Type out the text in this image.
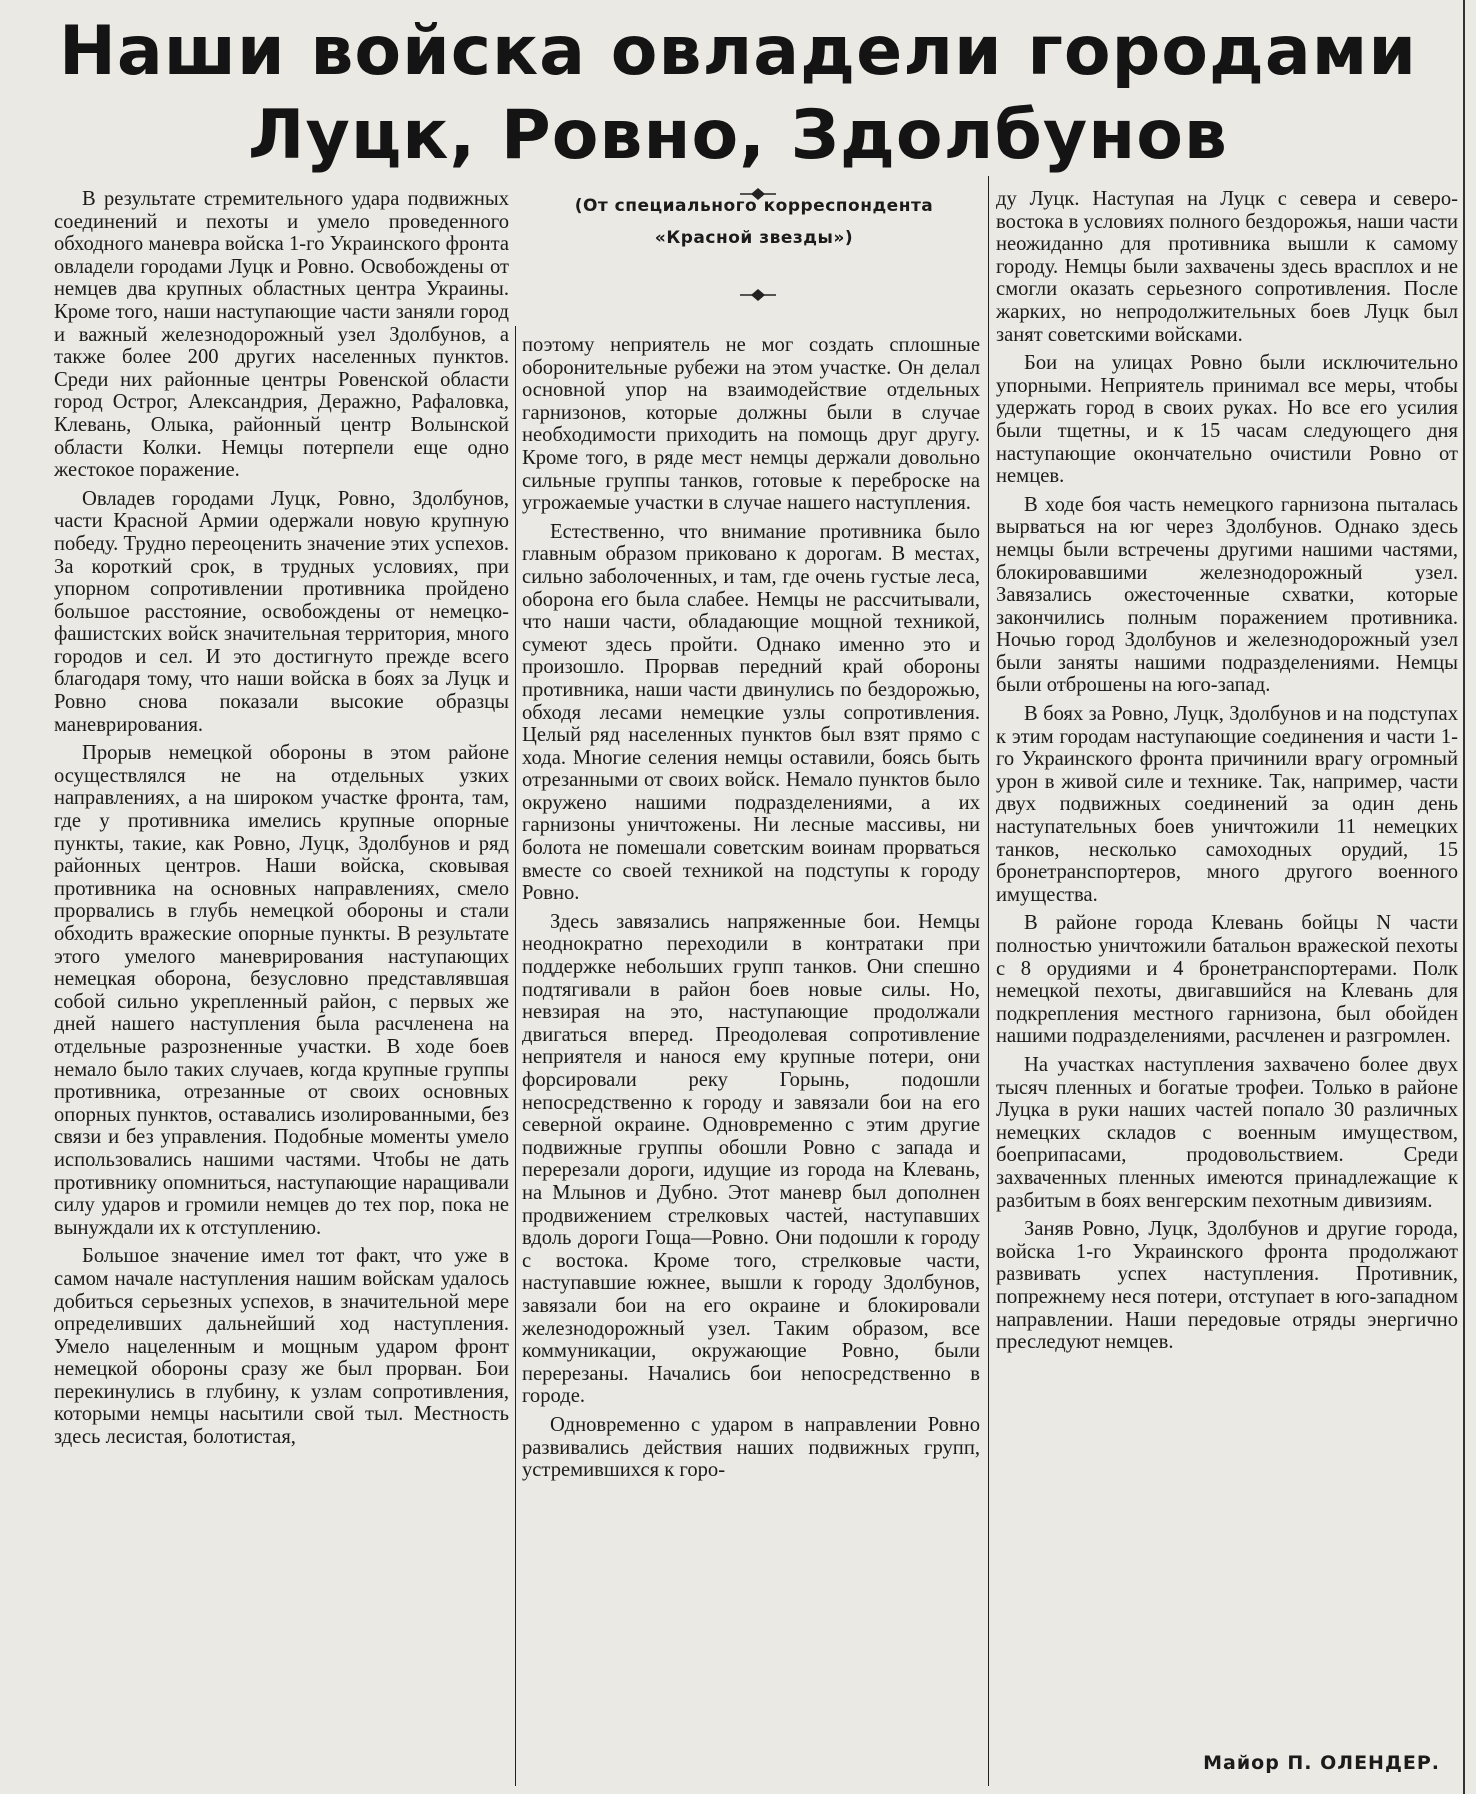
Наши войска овладели городами
Луцк, Ровно, Здолбунов
(От специального корреспондента
«Красной звезды»)

В результате стремительного удара подвижных соединений и пехоты и умело проведенного обходного маневра войска 1-го Украинского фронта овладели городами Луцк и Ровно. Освобождены от немцев два крупных областных центра Украины. Кроме того, наши наступающие части заняли город и важный железнодорожный узел Здолбунов, а также более 200 других населенных пунктов. Среди них районные центры Ровенской области город Острог, Александрия, Деражно, Рафаловка, Клевань, Олыка, районный центр Волынской области Колки. Немцы потерпели еще одно жестокое поражение.

Овладев городами Луцк, Ровно, Здолбунов, части Красной Армии одержали новую крупную победу. Трудно переоценить значение этих успехов. За короткий срок, в трудных условиях, при упорном сопротивлении противника пройдено большое расстояние, освобождены от немецко-фашистских войск значительная территория, много городов и сел. И это достигнуто прежде всего благодаря тому, что наши войска в боях за Луцк и Ровно снова показали высокие образцы маневрирования.

Прорыв немецкой обороны в этом районе осуществлялся не на отдельных узких направлениях, а на широком участке фронта, там, где у противника имелись крупные опорные пункты, такие, как Ровно, Луцк, Здолбунов и ряд районных центров. Наши войска, сковывая противника на основных направлениях, смело прорвались в глубь немецкой обороны и стали обходить вражеские опорные пункты. В результате этого умелого маневрирования наступающих немецкая оборона, безусловно представлявшая собой сильно укрепленный район, с первых же дней нашего наступления была расчленена на отдельные разрозненные участки. В ходе боев немало было таких случаев, когда крупные группы противника, отрезанные от своих основных опорных пунктов, оставались изолированными, без связи и без управления. Подобные моменты умело использовались нашими частями. Чтобы не дать противнику опомниться, наступающие наращивали силу ударов и громили немцев до тех пор, пока не вынуждали их к отступлению.

Большое значение имел тот факт, что уже в самом начале наступления нашим войскам удалось добиться серьезных успехов, в значительной мере определивших дальнейший ход наступления. Умело нацеленным и мощным ударом фронт немецкой обороны сразу же был прорван. Бои перекинулись в глубину, к узлам сопротивления, которыми немцы насытили свой тыл. Местность здесь лесистая, болотистая,

поэтому неприятель не мог создать сплошные оборонительные рубежи на этом участке. Он делал основной упор на взаимодействие отдельных гарнизонов, которые должны были в случае необходимости приходить на помощь друг другу. Кроме того, в ряде мест немцы держали довольно сильные группы танков, готовые к переброске на угрожаемые участки в случае нашего наступления.

Естественно, что внимание противника было главным образом приковано к дорогам. В местах, сильно заболоченных, и там, где очень густые леса, оборона его была слабее. Немцы не рассчитывали, что наши части, обладающие мощной техникой, сумеют здесь пройти. Однако именно это и произошло. Прорвав передний край обороны противника, наши части двинулись по бездорожью, обходя лесами немецкие узлы сопротивления. Целый ряд населенных пунктов был взят прямо с хода. Многие селения немцы оставили, боясь быть отрезанными от своих войск. Немало пунктов было окружено нашими подразделениями, а их гарнизоны уничтожены. Ни лесные массивы, ни болота не помешали советским воинам прорваться вместе со своей техникой на подступы к городу Ровно.

Здесь завязались напряженные бои. Немцы неоднократно переходили в контратаки при поддержке небольших групп танков. Они спешно подтягивали в район боев новые силы. Но, невзирая на это, наступающие продолжали двигаться вперед. Преодолевая сопротивление неприятеля и нанося ему крупные потери, они форсировали реку Горынь, подошли непосредственно к городу и завязали бои на его северной окраине. Одновременно с этим другие подвижные группы обошли Ровно с запада и перерезали дороги, идущие из города на Клевань, на Млынов и Дубно. Этот маневр был дополнен продвижением стрелковых частей, наступавших вдоль дороги Гоща—Ровно. Они подошли к городу с востока. Кроме того, стрелковые части, наступавшие южнее, вышли к городу Здолбунов, завязали бои на его окраине и блокировали железнодорожный узел. Таким образом, все коммуникации, окружающие Ровно, были перерезаны. Начались бои непосредственно в городе.

Одновременно с ударом в направлении Ровно развивались действия наших подвижных групп, устремившихся к горо-

ду Луцк. Наступая на Луцк с севера и северо-востока в условиях полного бездорожья, наши части неожиданно для противника вышли к самому городу. Немцы были захвачены здесь врасплох и не смогли оказать серьезного сопротивления. После жарких, но непродолжительных боев Луцк был занят советскими войсками.

Бои на улицах Ровно были исключительно упорными. Неприятель принимал все меры, чтобы удержать город в своих руках. Но все его усилия были тщетны, и к 15 часам следующего дня наступающие окончательно очистили Ровно от немцев.

В ходе боя часть немецкого гарнизона пыталась вырваться на юг через Здолбунов. Однако здесь немцы были встречены другими нашими частями, блокировавшими железнодорожный узел. Завязались ожесточенные схватки, которые закончились полным поражением противника. Ночью город Здолбунов и железнодорожный узел были заняты нашими подразделениями. Немцы были отброшены на юго-запад.

В боях за Ровно, Луцк, Здолбунов и на подступах к этим городам наступающие соединения и части 1-го Украинского фронта причинили врагу огромный урон в живой силе и технике. Так, например, части двух подвижных соединений за один день наступательных боев уничтожили 11 немецких танков, несколько самоходных орудий, 15 бронетранспортеров, много другого военного имущества.

В районе города Клевань бойцы N части полностью уничтожили батальон вражеской пехоты с 8 орудиями и 4 бронетранспортерами. Полк немецкой пехоты, двигавшийся на Клевань для подкрепления местного гарнизона, был обойден нашими подразделениями, расчленен и разгромлен.

На участках наступления захвачено более двух тысяч пленных и богатые трофеи. Только в районе Луцка в руки наших частей попало 30 различных немецких складов с военным имуществом, боеприпасами, продовольствием. Среди захваченных пленных имеются принадлежащие к разбитым в боях венгерским пехотным дивизиям.

Заняв Ровно, Луцк, Здолбунов и другие города, войска 1-го Украинского фронта продолжают развивать успех наступления. Противник, попрежнему неся потери, отступает в юго-западном направлении. Наши передовые отряды энергично преследуют немцев.

Майор П. ОЛЕНДЕР.
